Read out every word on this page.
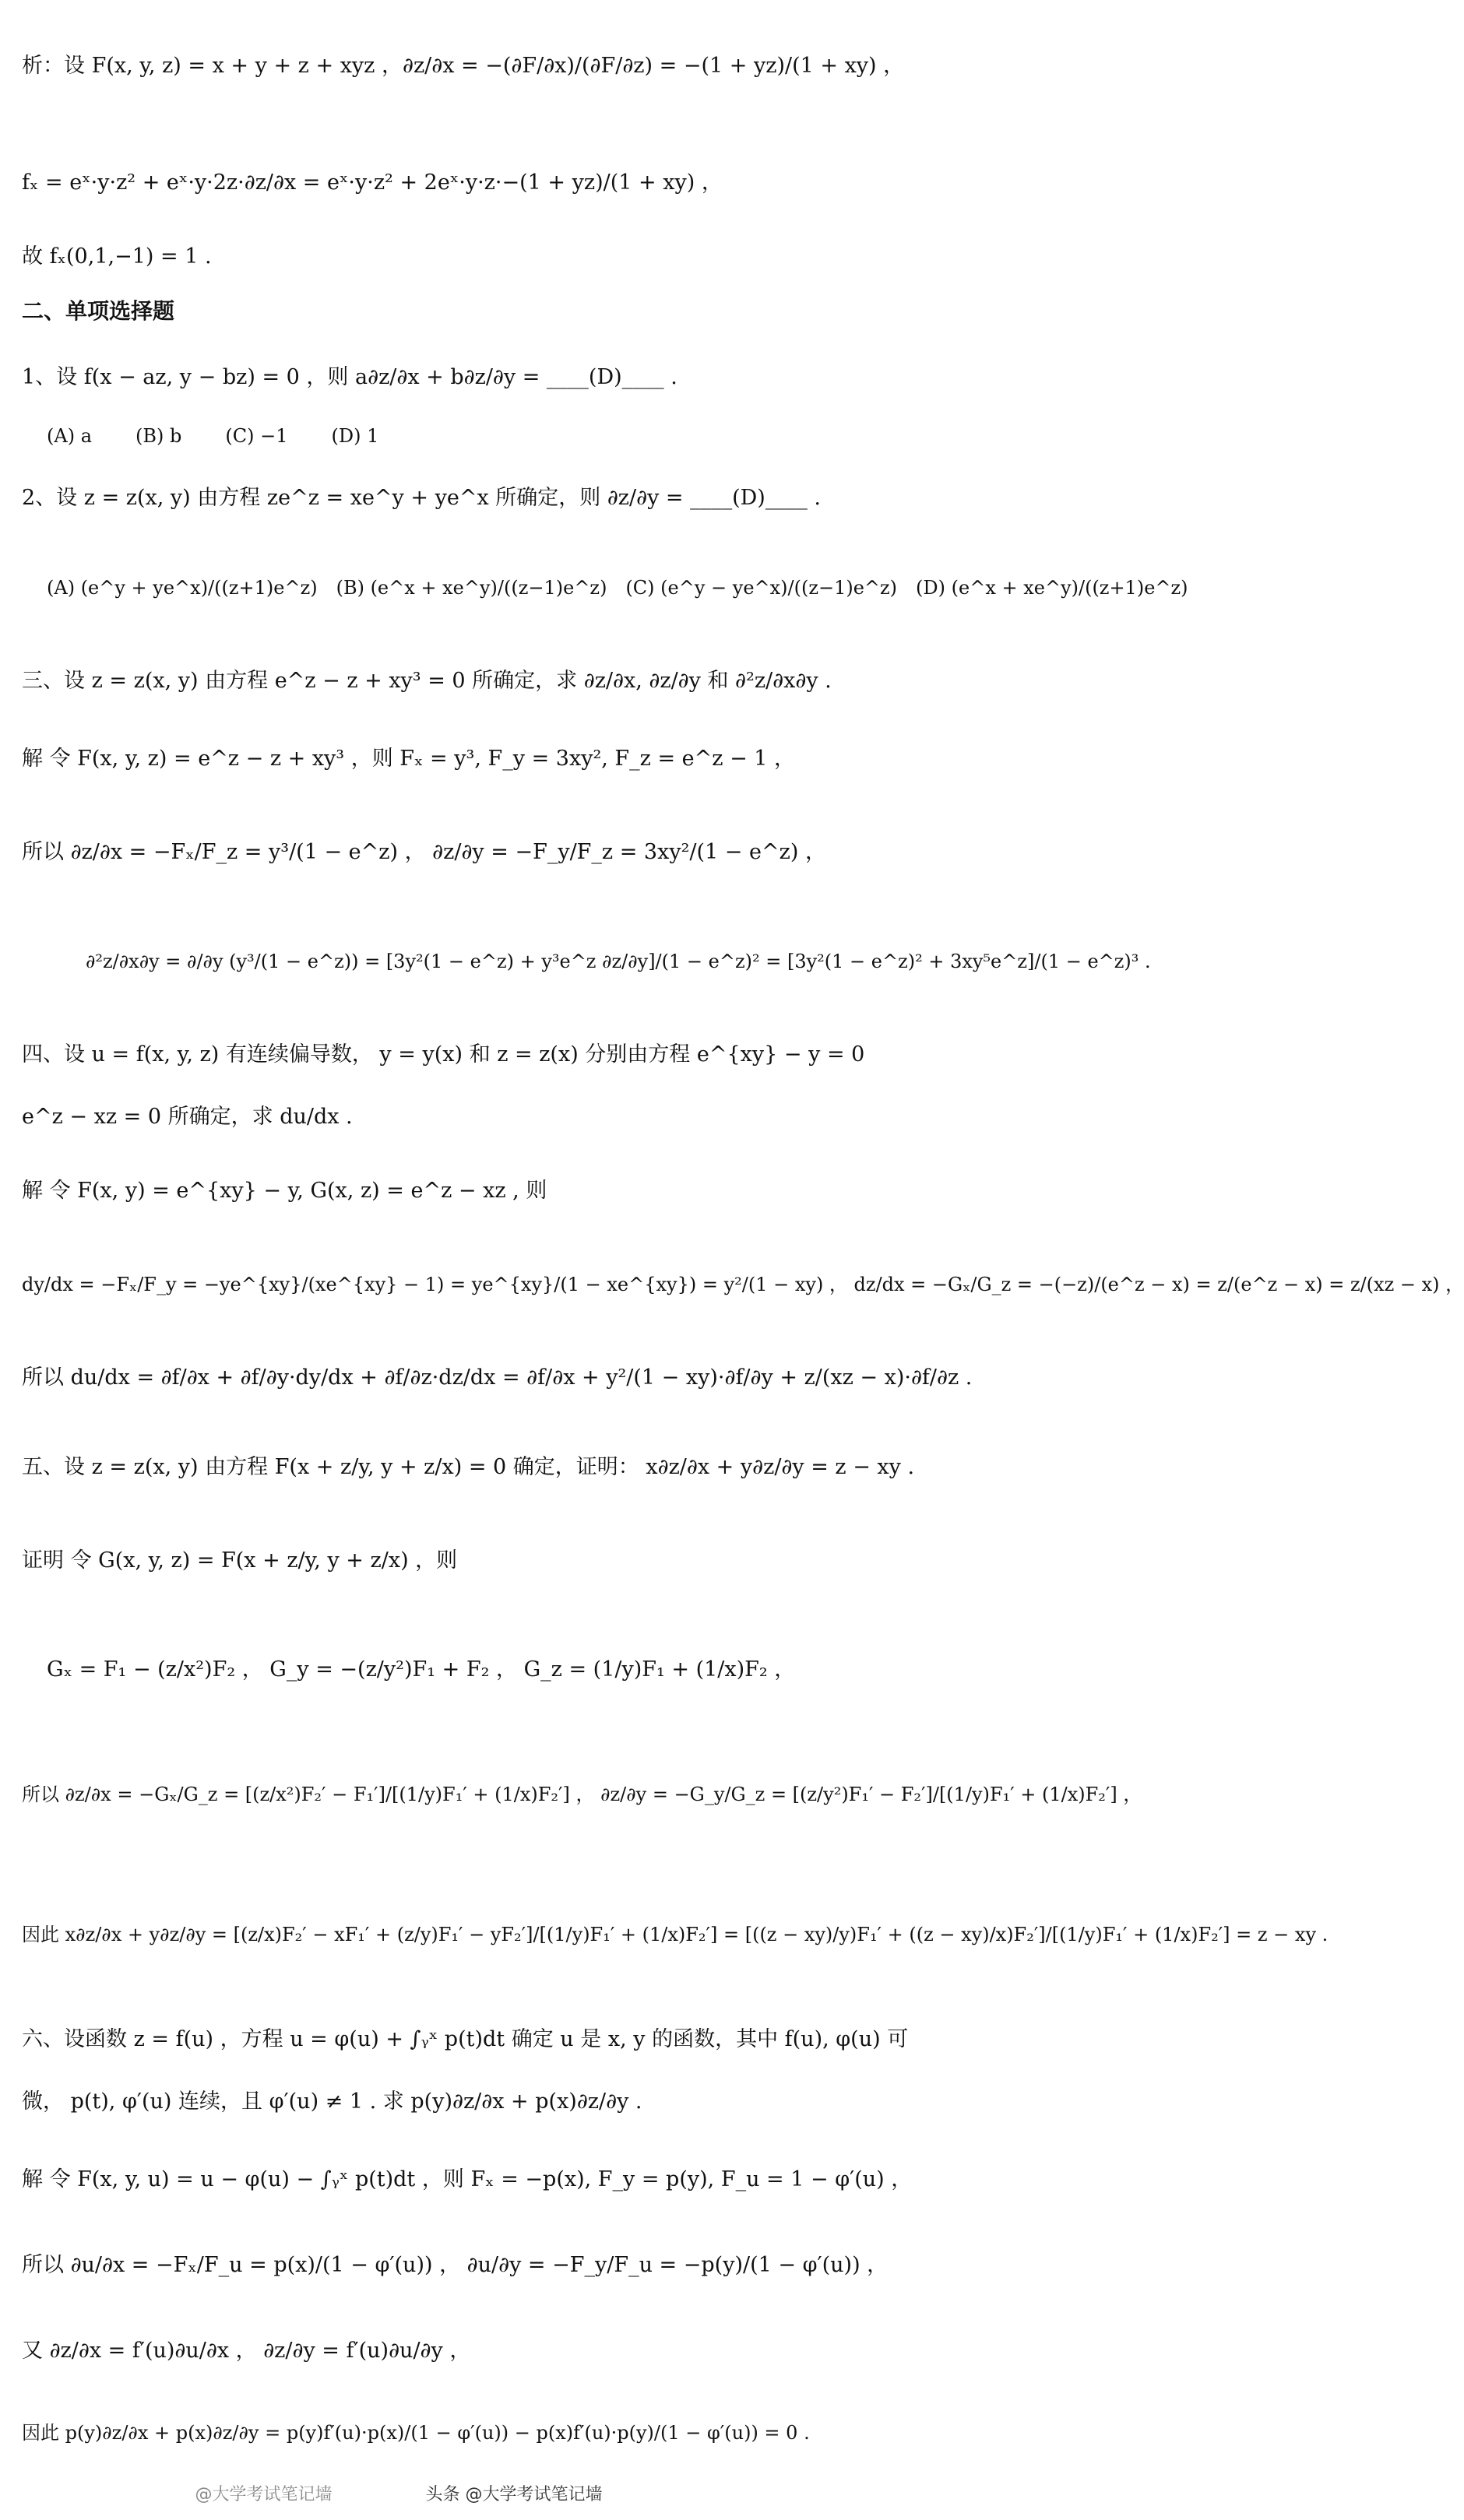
析：设 F(x, y, z) = x + y + z + xyz ，∂z/∂x = −(∂F/∂x)/(∂F/∂z) = −(1 + yz)/(1 + xy) ，
fₓ = eˣ·y·z² + eˣ·y·2z·∂z/∂x = eˣ·y·z² + 2eˣ·y·z·−(1 + yz)/(1 + xy) ，
故 fₓ(0,1,−1) = 1 .
二、单项选择题
1、设 f(x − az, y − bz) = 0 ，则 a∂z/∂x + b∂z/∂y = ____(D)____ .
(A) a (B) b (C) −1 (D) 1
2、设 z = z(x, y) 由方程 ze^z = xe^y + ye^x 所确定，则 ∂z/∂y = ____(D)____ .
(A) (e^y + ye^x)/((z+1)e^z) (B) (e^x + xe^y)/((z−1)e^z) (C) (e^y − ye^x)/((z−1)e^z) (D) (e^x + xe^y)/((z+1)e^z)
三、设 z = z(x, y) 由方程 e^z − z + xy³ = 0 所确定，求 ∂z/∂x, ∂z/∂y 和 ∂²z/∂x∂y .
解 令 F(x, y, z) = e^z − z + xy³ ，则 Fₓ = y³, F_y = 3xy², F_z = e^z − 1 ，
所以 ∂z/∂x = −Fₓ/F_z = y³/(1 − e^z) ， ∂z/∂y = −F_y/F_z = 3xy²/(1 − e^z) ，
∂²z/∂x∂y = ∂/∂y (y³/(1 − e^z)) = [3y²(1 − e^z) + y³e^z ∂z/∂y]/(1 − e^z)² = [3y²(1 − e^z)² + 3xy⁵e^z]/(1 − e^z)³ .
四、设 u = f(x, y, z) 有连续偏导数， y = y(x) 和 z = z(x) 分别由方程 e^{xy} − y = 0
e^z − xz = 0 所确定，求 du/dx .
解 令 F(x, y) = e^{xy} − y, G(x, z) = e^z − xz , 则
dy/dx = −Fₓ/F_y = −ye^{xy}/(xe^{xy} − 1) = ye^{xy}/(1 − xe^{xy}) = y²/(1 − xy) ， dz/dx = −Gₓ/G_z = −(−z)/(e^z − x) = z/(e^z − x) = z/(xz − x) ，
所以 du/dx = ∂f/∂x + ∂f/∂y·dy/dx + ∂f/∂z·dz/dx = ∂f/∂x + y²/(1 − xy)·∂f/∂y + z/(xz − x)·∂f/∂z .
五、设 z = z(x, y) 由方程 F(x + z/y, y + z/x) = 0 确定，证明： x∂z/∂x + y∂z/∂y = z − xy .
证明 令 G(x, y, z) = F(x + z/y, y + z/x) ，则
Gₓ = F₁ − (z/x²)F₂ ， G_y = −(z/y²)F₁ + F₂ ， G_z = (1/y)F₁ + (1/x)F₂ ，
所以 ∂z/∂x = −Gₓ/G_z = [(z/x²)F₂′ − F₁′]/[(1/y)F₁′ + (1/x)F₂′] ， ∂z/∂y = −G_y/G_z = [(z/y²)F₁′ − F₂′]/[(1/y)F₁′ + (1/x)F₂′] ，
因此 x∂z/∂x + y∂z/∂y = [(z/x)F₂′ − xF₁′ + (z/y)F₁′ − yF₂′]/[(1/y)F₁′ + (1/x)F₂′] = [((z − xy)/y)F₁′ + ((z − xy)/x)F₂′]/[(1/y)F₁′ + (1/x)F₂′] = z − xy .
六、设函数 z = f(u) ，方程 u = φ(u) + ∫ᵧˣ p(t)dt 确定 u 是 x, y 的函数，其中 f(u), φ(u) 可
微， p(t), φ′(u) 连续，且 φ′(u) ≠ 1 . 求 p(y)∂z/∂x + p(x)∂z/∂y .
解 令 F(x, y, u) = u − φ(u) − ∫ᵧˣ p(t)dt ，则 Fₓ = −p(x), F_y = p(y), F_u = 1 − φ′(u) ，
所以 ∂u/∂x = −Fₓ/F_u = p(x)/(1 − φ′(u)) ， ∂u/∂y = −F_y/F_u = −p(y)/(1 − φ′(u)) ，
又 ∂z/∂x = f′(u)∂u/∂x ， ∂z/∂y = f′(u)∂u/∂y ，
因此 p(y)∂z/∂x + p(x)∂z/∂y = p(y)f′(u)·p(x)/(1 − φ′(u)) − p(x)f′(u)·p(y)/(1 − φ′(u)) = 0 .
@大学考试笔记墙	头条 @大学考试笔记墙
